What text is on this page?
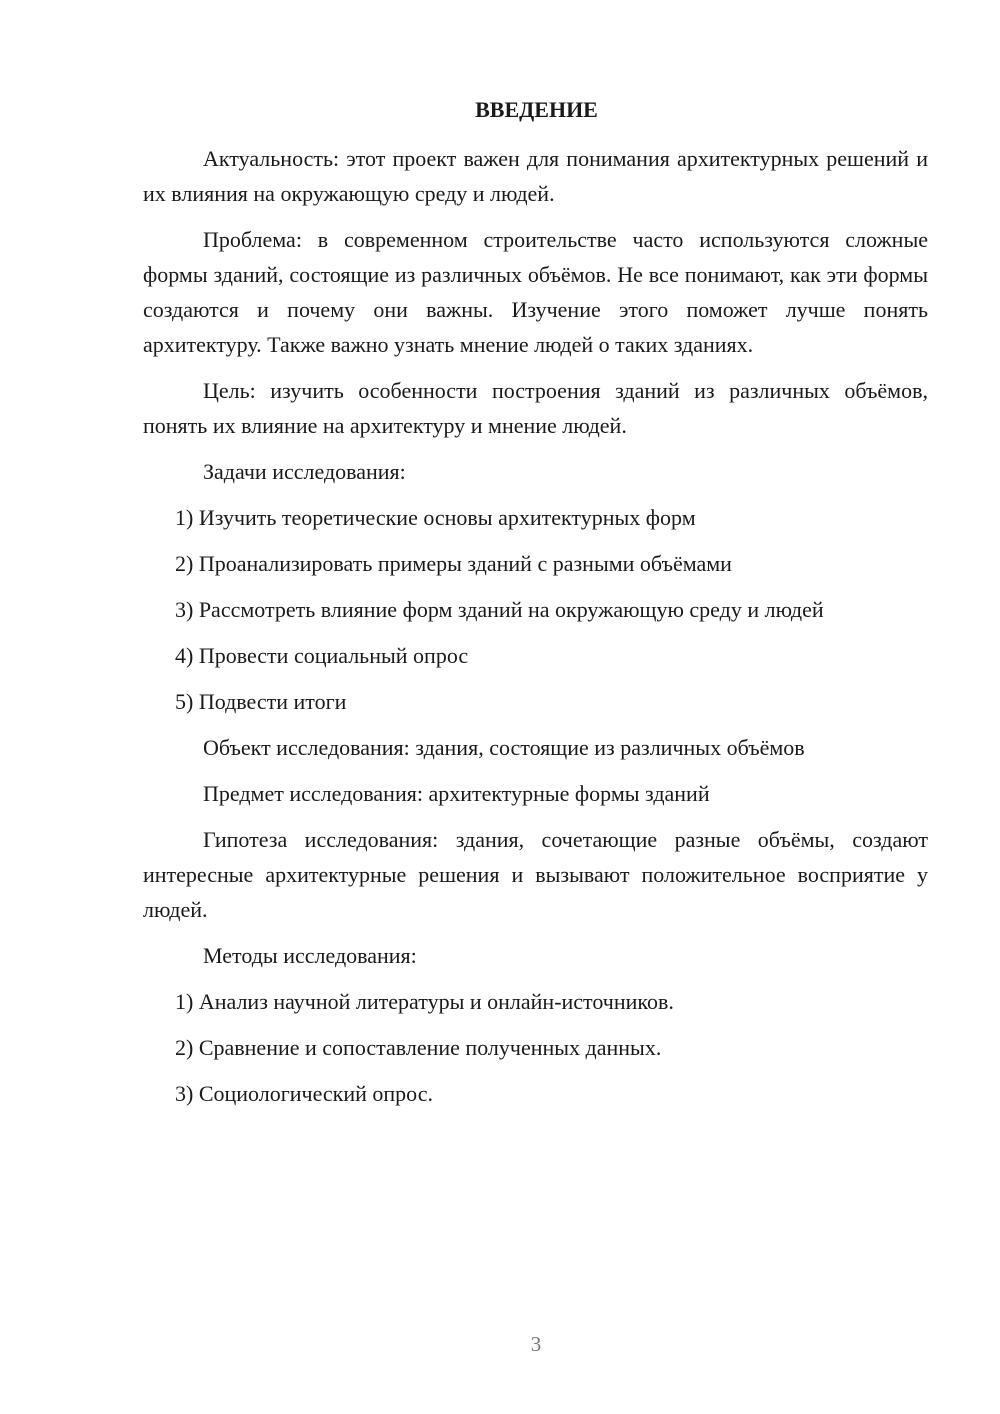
ВВЕДЕНИЕ

Актуальность: этот проект важен для понимания архитектурных решений и их влияния на окружающую среду и людей.

Проблема: в современном строительстве часто используются сложные формы зданий, состоящие из различных объёмов. Не все понимают, как эти формы создаются и почему они важны. Изучение этого поможет лучше понять архитектуру. Также важно узнать мнение людей о таких зданиях.

Цель: изучить особенности построения зданий из различных объёмов, понять их влияние на архитектуру и мнение людей.

Задачи исследования:

1) Изучить теоретические основы архитектурных форм
2) Проанализировать примеры зданий с разными объёмами
3) Рассмотреть влияние форм зданий на окружающую среду и людей
4) Провести социальный опрос
5) Подвести итоги

Объект исследования: здания, состоящие из различных объёмов

Предмет исследования: архитектурные формы зданий

Гипотеза исследования: здания, сочетающие разные объёмы, создают интересные архитектурные решения и вызывают положительное восприятие у людей.

Методы исследования:

1) Анализ научной литературы и онлайн-источников.
2) Сравнение и сопоставление полученных данных.
3) Социологический опрос.
3
